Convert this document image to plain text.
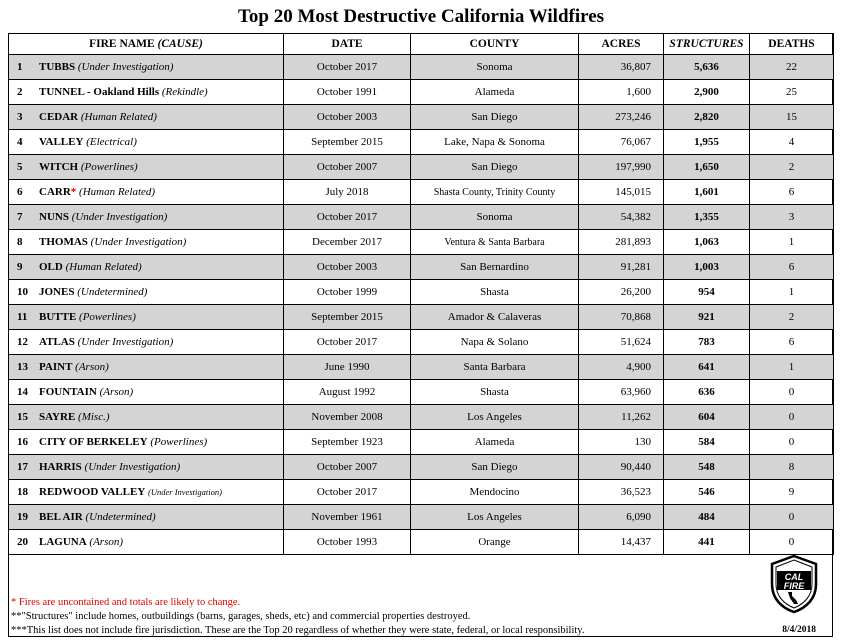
Top 20 Most Destructive California Wildfires
FIRE NAME (CAUSE)	DATE	COUNTY	ACRES	STRUCTURES	DEATHS
1 TUBBS (Under Investigation)	October 2017	Sonoma	36,807	5,636	22
2 TUNNEL - Oakland Hills (Rekindle)	October 1991	Alameda	1,600	2,900	25
3 CEDAR (Human Related)	October 2003	San Diego	273,246	2,820	15
4 VALLEY (Electrical)	September 2015	Lake, Napa & Sonoma	76,067	1,955	4
5 WITCH (Powerlines)	October 2007	San Diego	197,990	1,650	2
6 CARR* (Human Related)	July 2018	Shasta County, Trinity County	145,015	1,601	6
7 NUNS (Under Investigation)	October 2017	Sonoma	54,382	1,355	3
8 THOMAS (Under Investigation)	December 2017	Ventura & Santa Barbara	281,893	1,063	1
9 OLD (Human Related)	October 2003	San Bernardino	91,281	1,003	6
10 JONES (Undetermined)	October 1999	Shasta	26,200	954	1
11 BUTTE (Powerlines)	September 2015	Amador & Calaveras	70,868	921	2
12 ATLAS (Under Investigation)	October 2017	Napa & Solano	51,624	783	6
13 PAINT (Arson)	June 1990	Santa Barbara	4,900	641	1
14 FOUNTAIN (Arson)	August 1992	Shasta	63,960	636	0
15 SAYRE (Misc.)	November 2008	Los Angeles	11,262	604	0
16 CITY OF BERKELEY (Powerlines)	September 1923	Alameda	130	584	0
17 HARRIS (Under Investigation)	October 2007	San Diego	90,440	548	8
18 REDWOOD VALLEY (Under Investigation)	October 2017	Mendocino	36,523	546	9
19 BEL AIR (Undetermined)	November 1961	Los Angeles	6,090	484	0
20 LAGUNA (Arson)	October 1993	Orange	14,437	441	0
* Fires are uncontained and totals are likely to change.
**"Structures" include homes, outbuildings (barns, garages, sheds, etc) and commercial properties destroyed.
***This list does not include fire jurisdiction. These are the Top 20 regardless of whether they were state, federal, or local responsibility.	8/4/2018
CAL
FIRE
